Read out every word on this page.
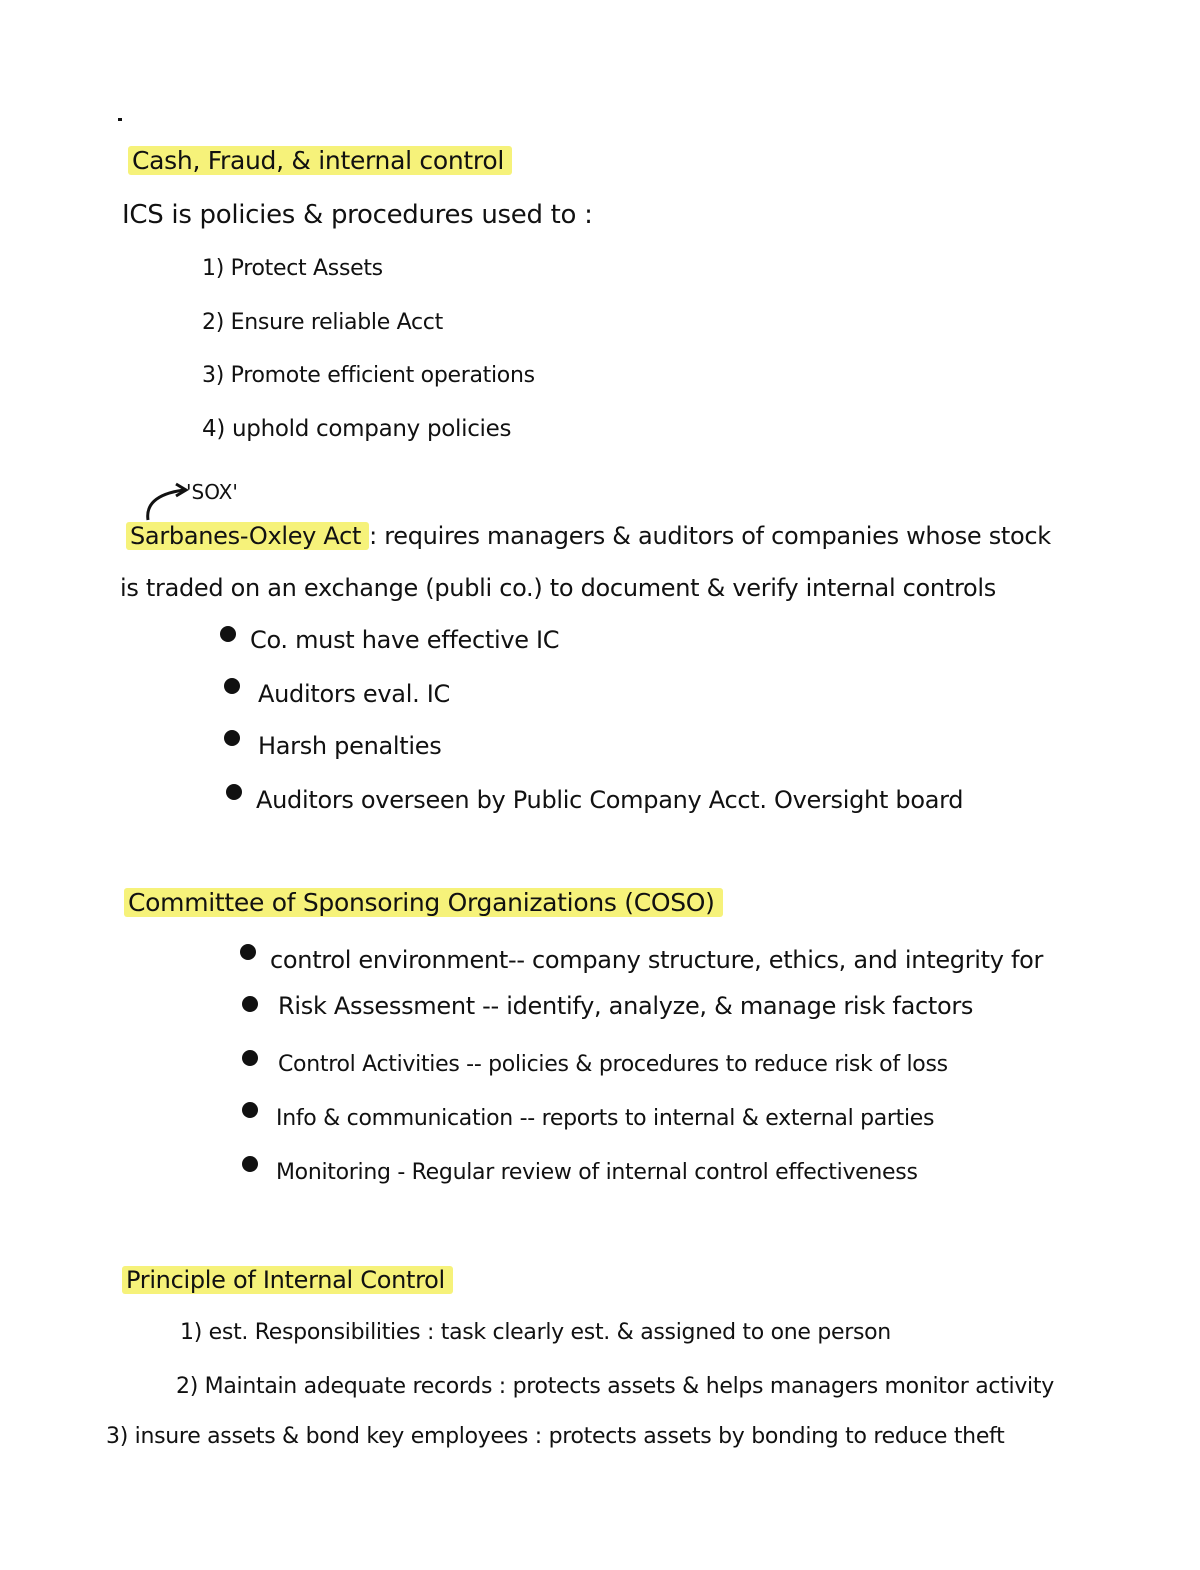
Cash, Fraud, & internal control
ICS is policies & procedures used to :
1) Protect Assets
2) Ensure reliable Acct
3) Promote efficient operations
4) uphold company policies
'SOX'
Sarbanes-Oxley Act : requires managers & auditors of companies whose stock
is traded on an exchange (publi co.) to document & verify internal controls
Co. must have effective IC
Auditors eval. IC
Harsh penalties
Auditors overseen by Public Company Acct. Oversight board
Committee of Sponsoring Organizations (COSO)
control environment-- company structure, ethics, and integrity for
Risk Assessment -- identify, analyze, & manage risk factors
Control Activities -- policies & procedures to reduce risk of loss
Info & communication -- reports to internal & external parties
Monitoring - Regular review of internal control effectiveness
Principle of Internal Control
1) est. Responsibilities : task clearly est. & assigned to one person
2) Maintain adequate records : protects assets & helps managers monitor activity
3) insure assets & bond key employees : protects assets by bonding to reduce theft
